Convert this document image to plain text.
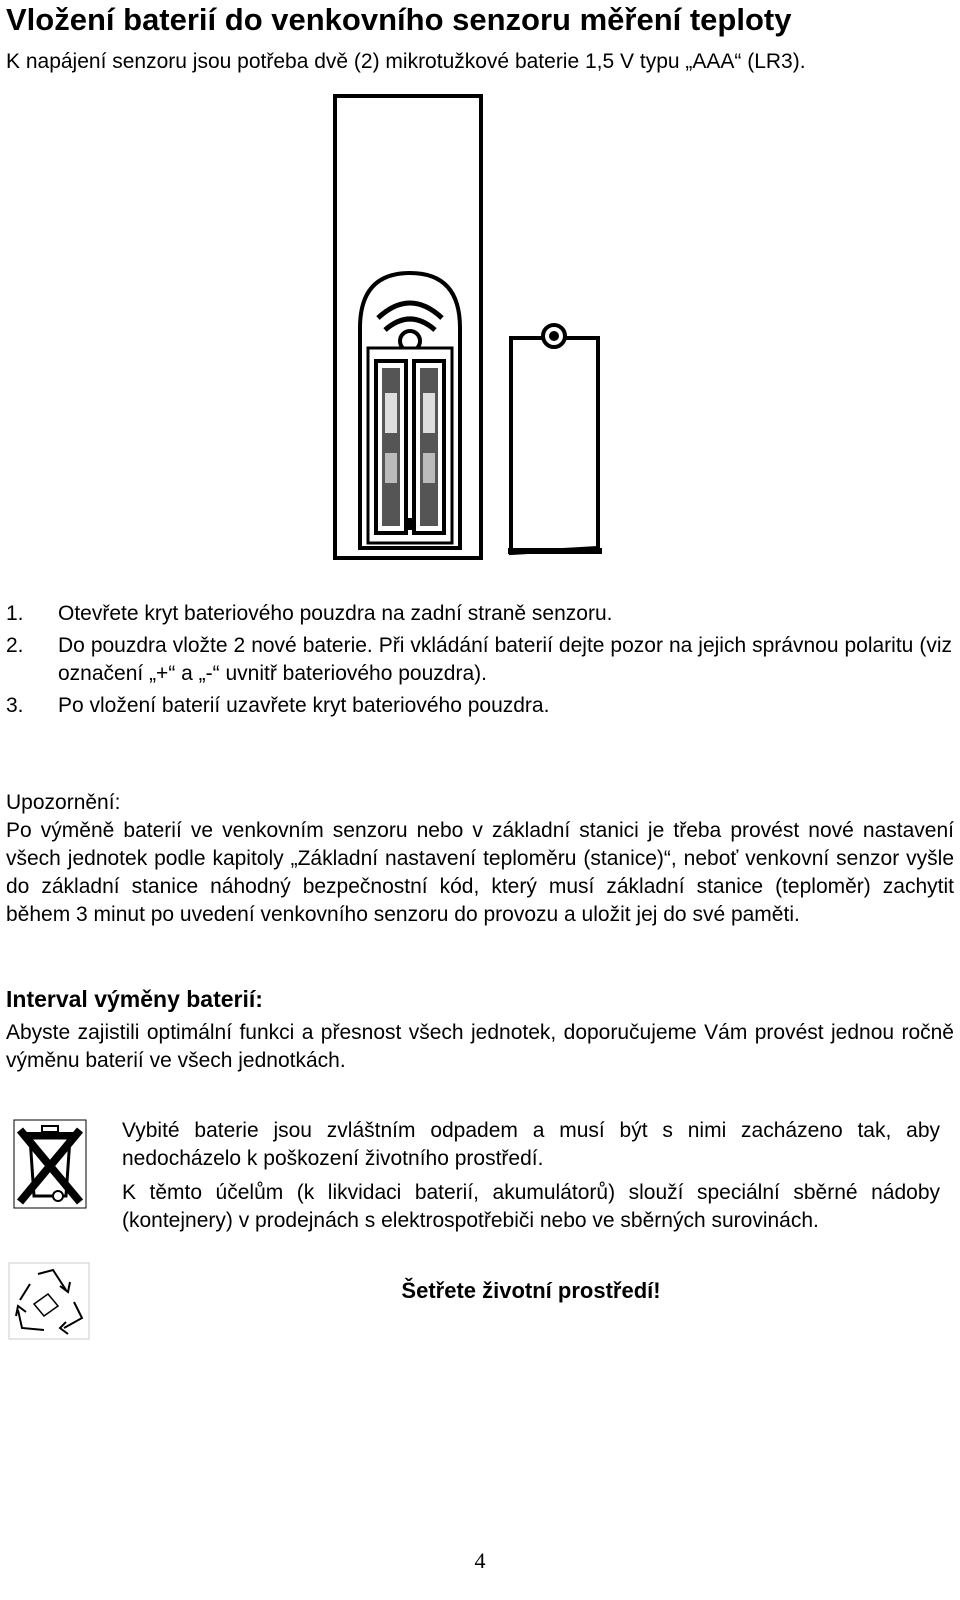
Vložení baterií do venkovního senzoru měření teploty
K napájení senzoru jsou potřeba dvě (2) mikrotužkové baterie 1,5 V typu „AAA“ (LR3).
1.	Otevřete kryt bateriového pouzdra na zadní straně senzoru.
2.	Do pouzdra vložte 2 nové baterie. Při vkládání baterií dejte pozor na jejich správnou polaritu (viz označení „+“ a „-“ uvnitř bateriového pouzdra).
3.	Po vložení baterií uzavřete kryt bateriového pouzdra.
Upozornění:
Po výměně baterií ve venkovním senzoru nebo v základní stanici je třeba provést nové nastavení všech jednotek podle kapitoly „Základní nastavení teploměru (stanice)“, neboť venkovní senzor vyšle do základní stanice náhodný bezpečnostní kód, který musí základní stanice (teploměr) zachytit během 3 minut po uvedení venkovního senzoru do provozu a uložit jej do své paměti.
Interval výměny baterií:
Abyste zajistili optimální funkci a přesnost všech jednotek, doporučujeme Vám provést jednou ročně výměnu baterií ve všech jednotkách.

Vybité baterie jsou zvláštním odpadem a musí být s nimi zacházeno tak, aby nedocházelo k poškození životního prostředí.

K těmto účelům (k likvidaci baterií, akumulátorů) slouží speciální sběrné nádoby (kontejnery) v prodejnách s elektrospotřebiči nebo ve sběrných surovinách.

Šetřete životní prostředí!
4
